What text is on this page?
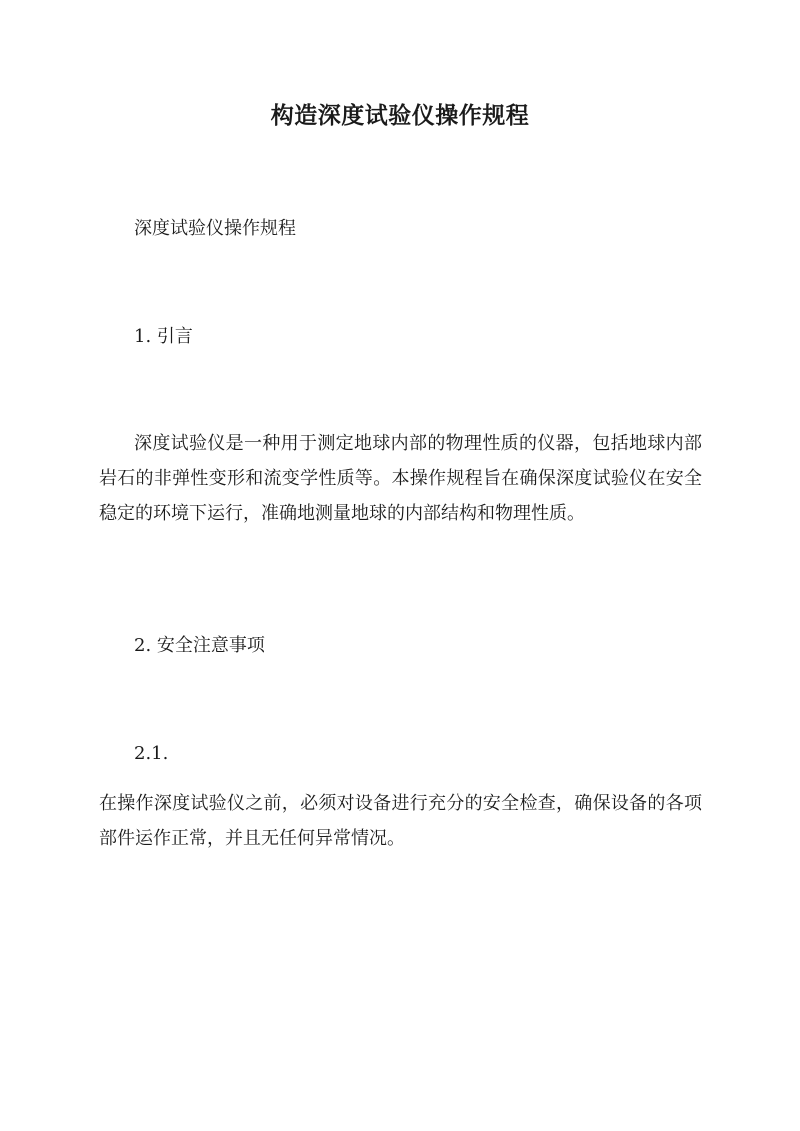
构造深度试验仪操作规程

深度试验仪操作规程

1. 引言

深度试验仪是一种用于测定地球内部的物理性质的仪器，包括地球内部岩石的非弹性变形和流变学性质等。本操作规程旨在确保深度试验仪在安全稳定的环境下运行，准确地测量地球的内部结构和物理性质。

2. 安全注意事项

2.1.

在操作深度试验仪之前，必须对设备进行充分的安全检查，确保设备的各项部件运作正常，并且无任何异常情况。
